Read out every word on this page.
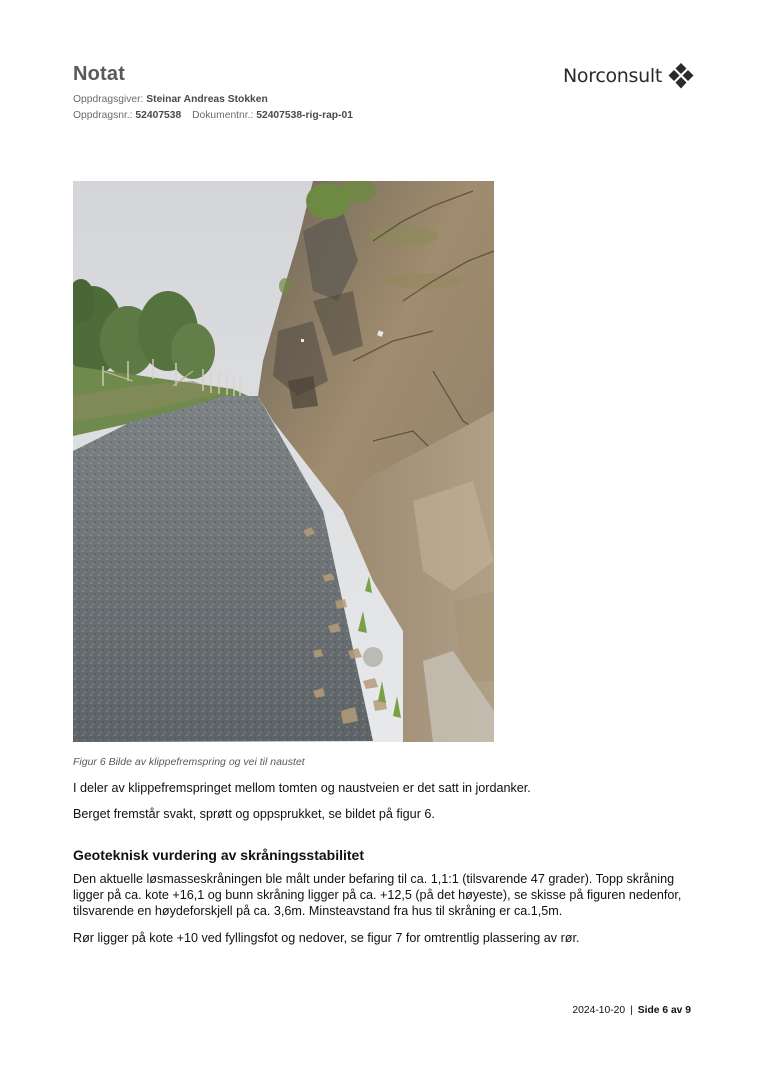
Notat
Oppdragsgiver: Steinar Andreas Stokken
Oppdragsnr.: 52407538 Dokumentnr.: 52407538-rig-rap-01
Norconsult
Figur 6 Bilde av klippefremspring og vei til naustet

I deler av klippefremspringet mellom tomten og naustveien er det satt in jordanker.

Berget fremstår svakt, sprøtt og oppsprukket, se bildet på figur 6.

Geoteknisk vurdering av skråningsstabilitet

Den aktuelle løsmasseskråningen ble målt under befaring til ca. 1,1:1 (tilsvarende 47 grader). Topp skråning ligger på ca. kote +16,1 og bunn skråning ligger på ca. +12,5 (på det høyeste), se skisse på figuren nedenfor, tilsvarende en høydeforskjell på ca. 3,6m. Minsteavstand fra hus til skråning er ca.1,5m.

Rør ligger på kote +10 ved fyllingsfot og nedover, se figur 7 for omtrentlig plassering av rør.

2024-10-20 | Side 6 av 9
